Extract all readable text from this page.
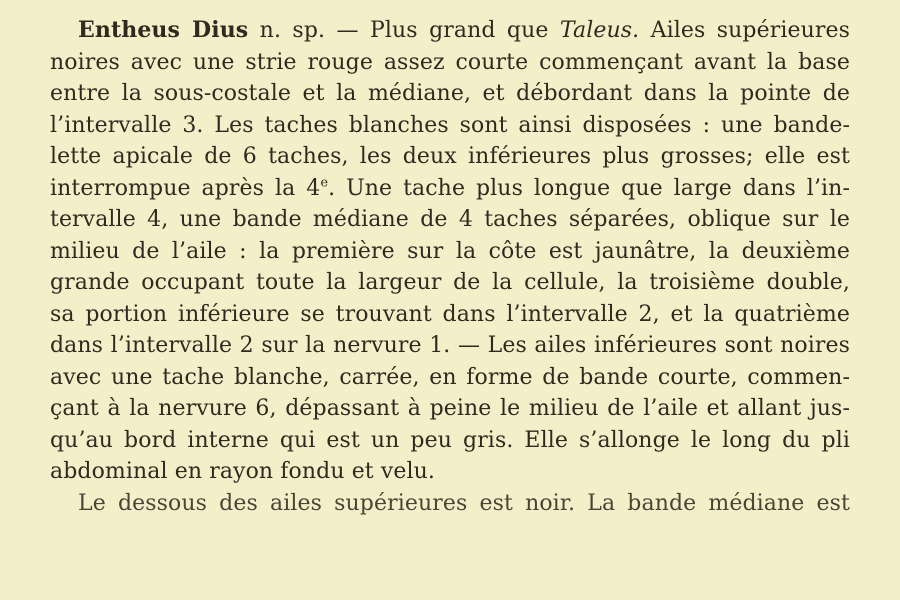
Entheus Dius n. sp. — Plus grand que Taleus. Ailes supérieures
noires avec une strie rouge assez courte commençant avant la base
entre la sous-costale et la médiane, et débordant dans la pointe de
l’intervalle 3. Les taches blanches sont ainsi disposées : une bande-
lette apicale de 6 taches, les deux inférieures plus grosses; elle est
interrompue après la 4e. Une tache plus longue que large dans l’in-
tervalle 4, une bande médiane de 4 taches séparées, oblique sur le
milieu de l’aile : la première sur la côte est jaunâtre, la deuxième
grande occupant toute la largeur de la cellule, la troisième double,
sa portion inférieure se trouvant dans l’intervalle 2, et la quatrième
dans l’intervalle 2 sur la nervure 1. — Les ailes inférieures sont noires
avec une tache blanche, carrée, en forme de bande courte, commen-
çant à la nervure 6, dépassant à peine le milieu de l’aile et allant jus-
qu’au bord interne qui est un peu gris. Elle s’allonge le long du pli
abdominal en rayon fondu et velu.
Le dessous des ailes supérieures est noir. La bande médiane est
